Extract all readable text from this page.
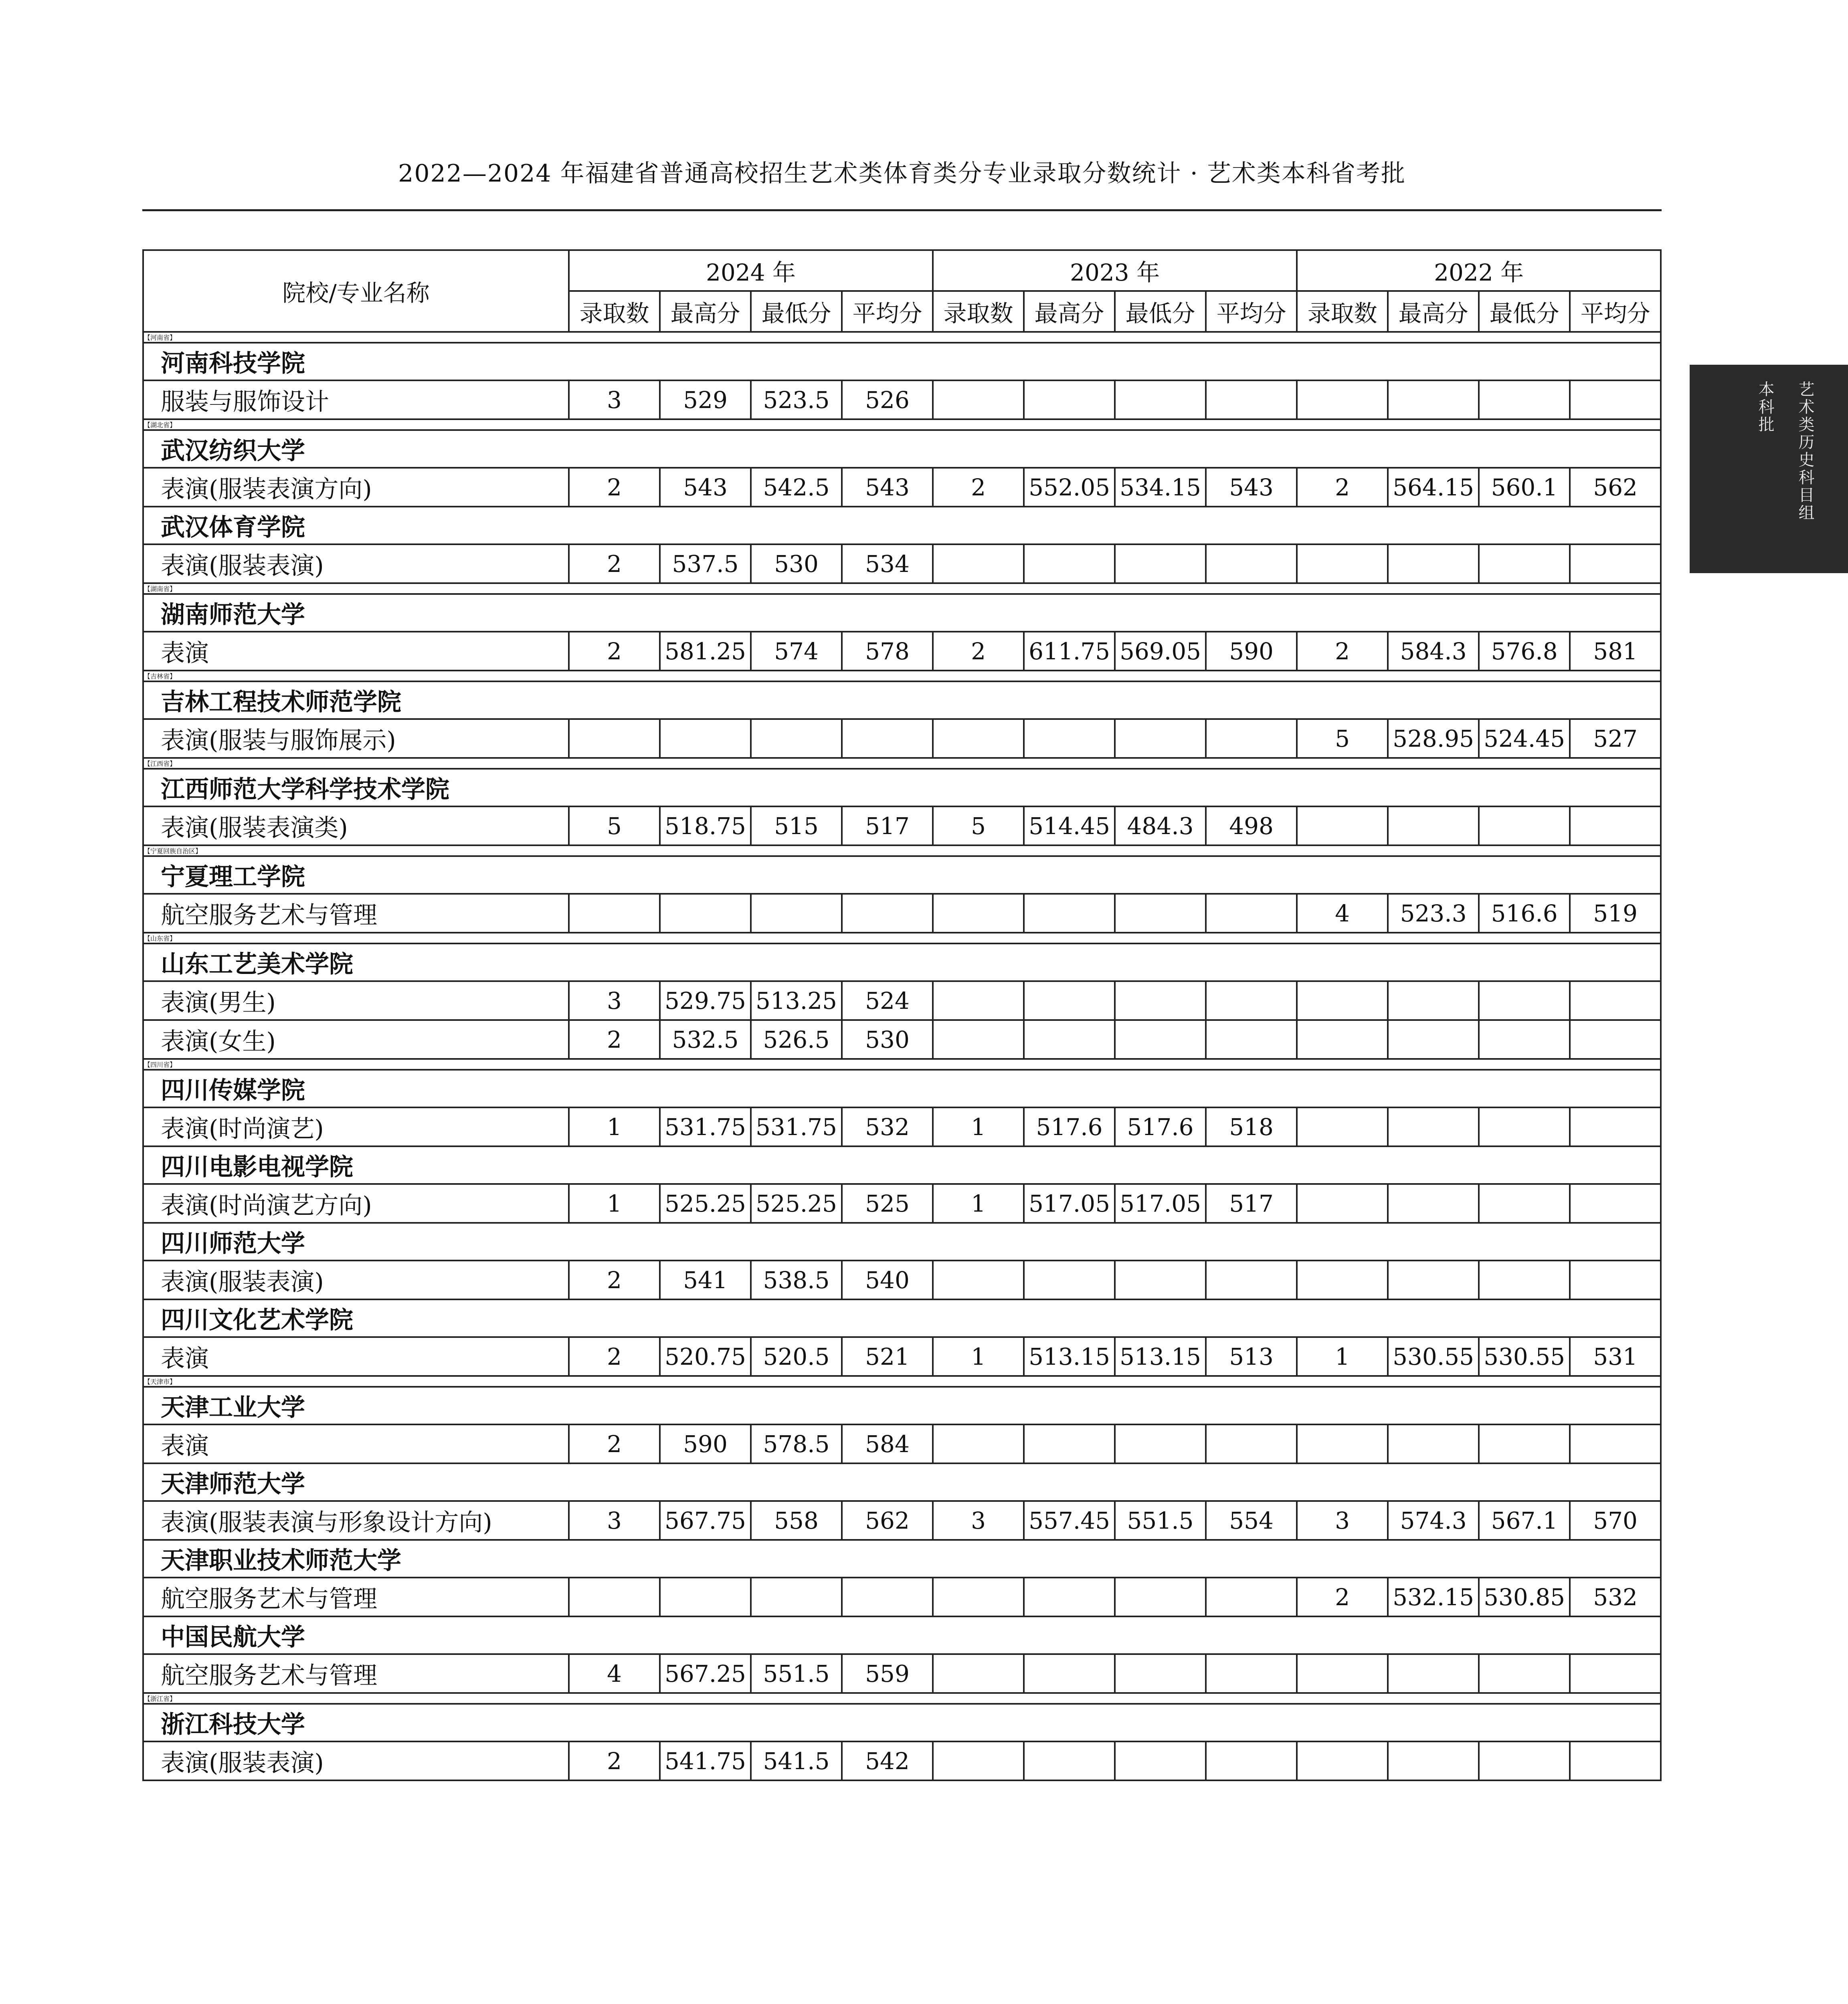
2022—2024 年福建省普通高校招生艺术类体育类分专业录取分数统计 · 艺术类本科省考批
本科批 艺术类历史科目组
院校/专业名称	2024 年				2023 年				2022 年			
	录取数	最高分	最低分	平均分	录取数	最高分	最低分	平均分	录取数	最高分	最低分	平均分
【河南省】												
河南科技学院												
服装与服饰设计	3	529	523.5	526								
【湖北省】												
武汉纺织大学												
表演(服装表演方向)	2	543	542.5	543	2	552.05	534.15	543	2	564.15	560.1	562
武汉体育学院												
表演(服装表演)	2	537.5	530	534								
【湖南省】												
湖南师范大学												
表演	2	581.25	574	578	2	611.75	569.05	590	2	584.3	576.8	581
【吉林省】												
吉林工程技术师范学院												
表演(服装与服饰展示)									5	528.95	524.45	527
【江西省】												
江西师范大学科学技术学院												
表演(服装表演类)	5	518.75	515	517	5	514.45	484.3	498				
【宁夏回族自治区】												
宁夏理工学院												
航空服务艺术与管理									4	523.3	516.6	519
【山东省】												
山东工艺美术学院												
表演(男生)	3	529.75	513.25	524								
表演(女生)	2	532.5	526.5	530								
【四川省】												
四川传媒学院												
表演(时尚演艺)	1	531.75	531.75	532	1	517.6	517.6	518				
四川电影电视学院												
表演(时尚演艺方向)	1	525.25	525.25	525	1	517.05	517.05	517				
四川师范大学												
表演(服装表演)	2	541	538.5	540								
四川文化艺术学院												
表演	2	520.75	520.5	521	1	513.15	513.15	513	1	530.55	530.55	531
【天津市】												
天津工业大学												
表演	2	590	578.5	584								
天津师范大学												
表演(服装表演与形象设计方向)	3	567.75	558	562	3	557.45	551.5	554	3	574.3	567.1	570
天津职业技术师范大学												
航空服务艺术与管理									2	532.15	530.85	532
中国民航大学												
航空服务艺术与管理	4	567.25	551.5	559								
【浙江省】												
浙江科技大学												
表演(服装表演)	2	541.75	541.5	542								
